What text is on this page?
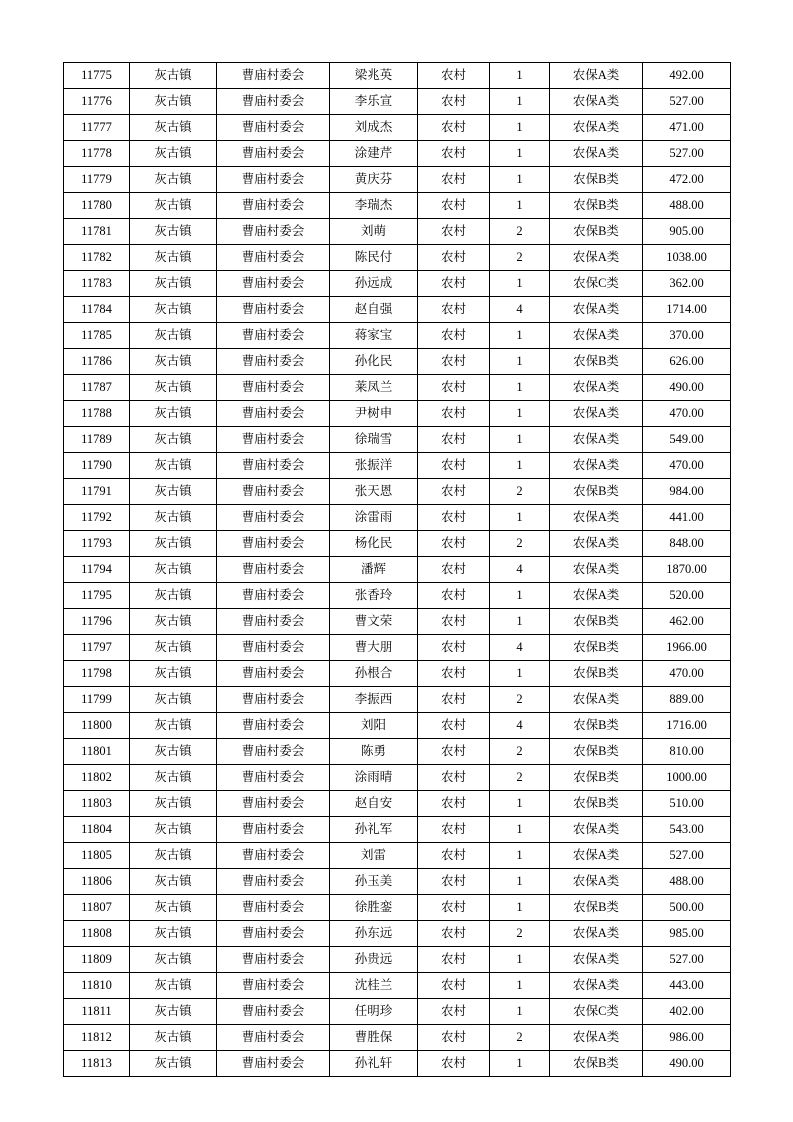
11775	灰古镇	曹庙村委会	梁兆英	农村	1	农保A类	492.00
11776	灰古镇	曹庙村委会	李乐宣	农村	1	农保A类	527.00
11777	灰古镇	曹庙村委会	刘成杰	农村	1	农保A类	471.00
11778	灰古镇	曹庙村委会	涂建芹	农村	1	农保A类	527.00
11779	灰古镇	曹庙村委会	黄庆芬	农村	1	农保B类	472.00
11780	灰古镇	曹庙村委会	李瑞杰	农村	1	农保B类	488.00
11781	灰古镇	曹庙村委会	刘萌	农村	2	农保B类	905.00
11782	灰古镇	曹庙村委会	陈民付	农村	2	农保A类	1038.00
11783	灰古镇	曹庙村委会	孙远成	农村	1	农保C类	362.00
11784	灰古镇	曹庙村委会	赵自强	农村	4	农保A类	1714.00
11785	灰古镇	曹庙村委会	蒋家宝	农村	1	农保A类	370.00
11786	灰古镇	曹庙村委会	孙化民	农村	1	农保B类	626.00
11787	灰古镇	曹庙村委会	莱凤兰	农村	1	农保A类	490.00
11788	灰古镇	曹庙村委会	尹树申	农村	1	农保A类	470.00
11789	灰古镇	曹庙村委会	徐瑞雪	农村	1	农保A类	549.00
11790	灰古镇	曹庙村委会	张振洋	农村	1	农保A类	470.00
11791	灰古镇	曹庙村委会	张天恩	农村	2	农保B类	984.00
11792	灰古镇	曹庙村委会	涂雷雨	农村	1	农保A类	441.00
11793	灰古镇	曹庙村委会	杨化民	农村	2	农保A类	848.00
11794	灰古镇	曹庙村委会	潘辉	农村	4	农保A类	1870.00
11795	灰古镇	曹庙村委会	张香玲	农村	1	农保A类	520.00
11796	灰古镇	曹庙村委会	曹文荣	农村	1	农保B类	462.00
11797	灰古镇	曹庙村委会	曹大朋	农村	4	农保B类	1966.00
11798	灰古镇	曹庙村委会	孙根合	农村	1	农保B类	470.00
11799	灰古镇	曹庙村委会	李振西	农村	2	农保A类	889.00
11800	灰古镇	曹庙村委会	刘阳	农村	4	农保B类	1716.00
11801	灰古镇	曹庙村委会	陈勇	农村	2	农保B类	810.00
11802	灰古镇	曹庙村委会	涂雨晴	农村	2	农保B类	1000.00
11803	灰古镇	曹庙村委会	赵自安	农村	1	农保B类	510.00
11804	灰古镇	曹庙村委会	孙礼军	农村	1	农保A类	543.00
11805	灰古镇	曹庙村委会	刘雷	农村	1	农保A类	527.00
11806	灰古镇	曹庙村委会	孙玉美	农村	1	农保A类	488.00
11807	灰古镇	曹庙村委会	徐胜銮	农村	1	农保B类	500.00
11808	灰古镇	曹庙村委会	孙东远	农村	2	农保A类	985.00
11809	灰古镇	曹庙村委会	孙贵远	农村	1	农保A类	527.00
11810	灰古镇	曹庙村委会	沈桂兰	农村	1	农保A类	443.00
11811	灰古镇	曹庙村委会	任明珍	农村	1	农保C类	402.00
11812	灰古镇	曹庙村委会	曹胜保	农村	2	农保A类	986.00
11813	灰古镇	曹庙村委会	孙礼轩	农村	1	农保B类	490.00
